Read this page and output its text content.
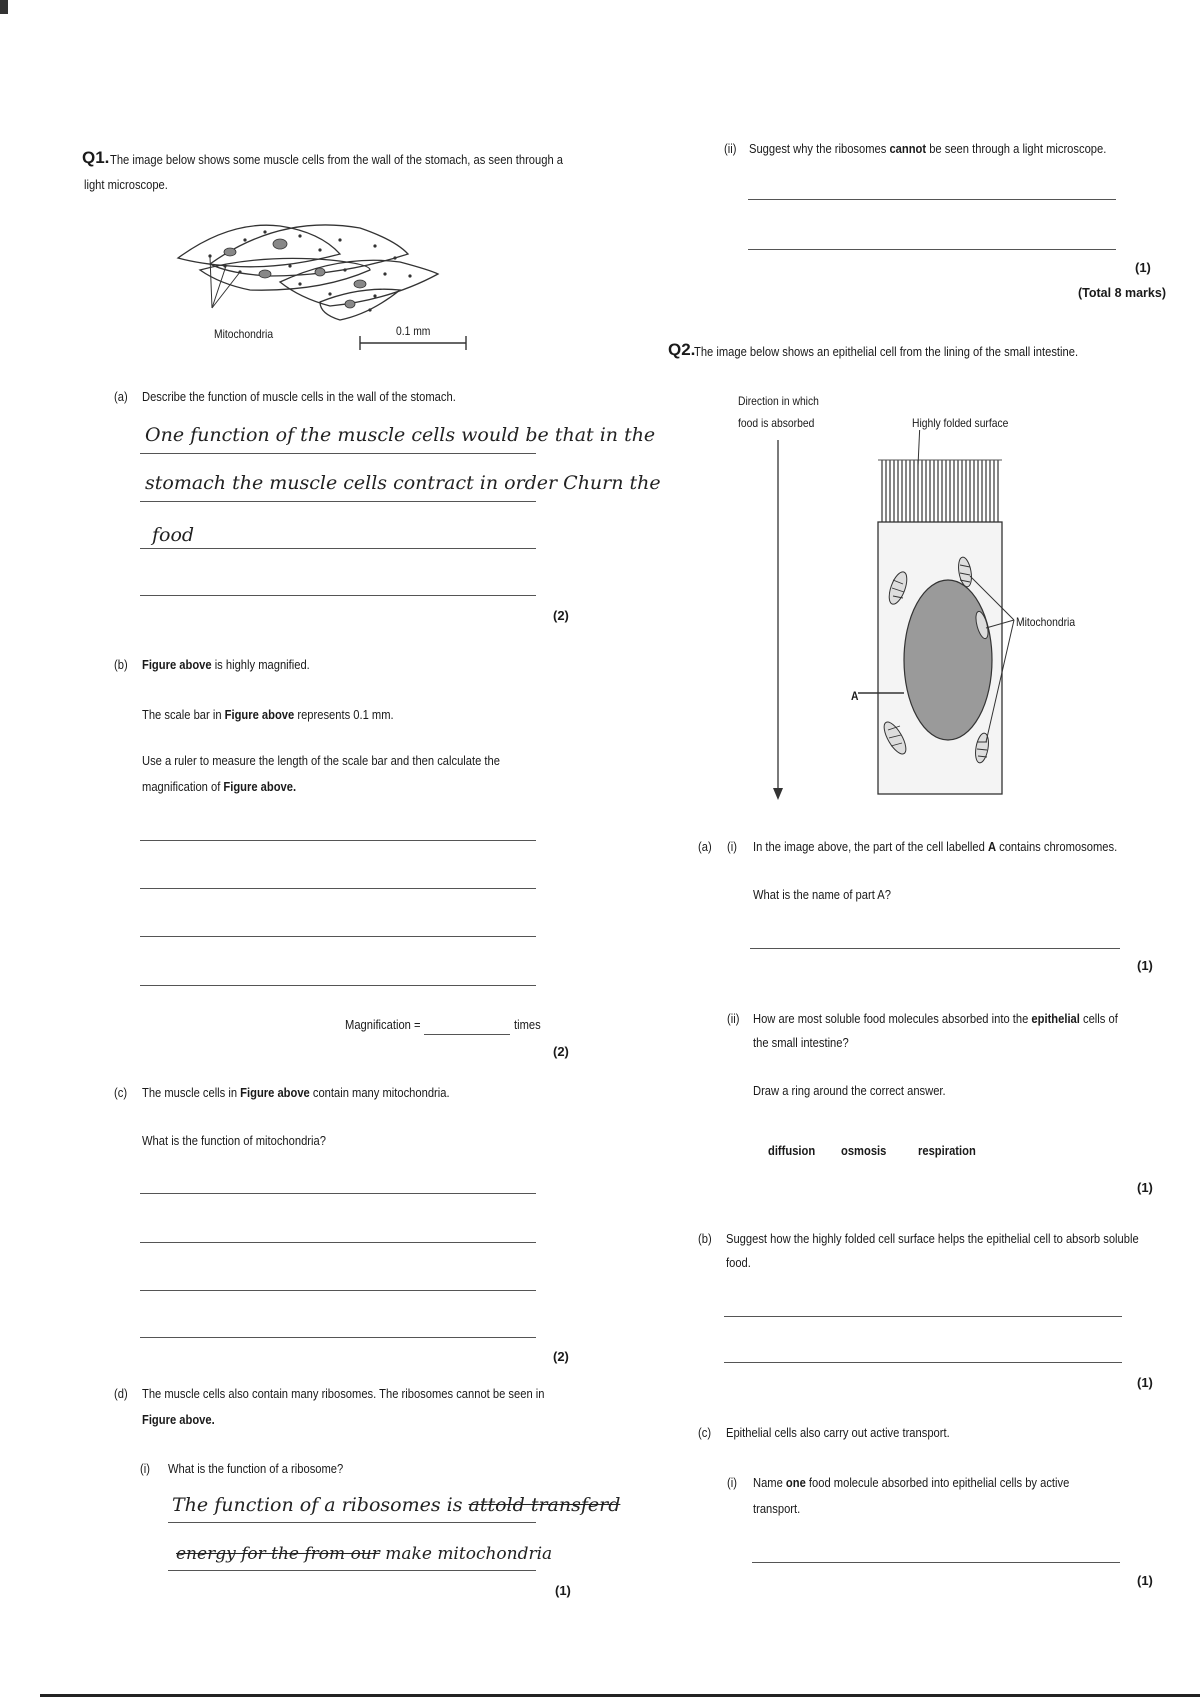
Q1. The image below shows some muscle cells from the wall of the stomach, as seen through a
light microscope.
Mitochondria	0.1 mm
(a) Describe the function of muscle cells in the wall of the stomach.
One function of the muscle cells would be that in the
stomach the muscle cells contract in order Churn the
food
(2)
(b) Figure above is highly magnified.
The scale bar in Figure above represents 0.1 mm.
Use a ruler to measure the length of the scale bar and then calculate the
magnification of Figure above.
Magnification =	times
(2)
(c) The muscle cells in Figure above contain many mitochondria.
What is the function of mitochondria?
(2)
(d) The muscle cells also contain many ribosomes. The ribosomes cannot be seen in
Figure above.
(i) What is the function of a ribosome?
The function of a ribosomes is attold transferd
energy for the from our make mitochondria
(1)
(ii) Suggest why the ribosomes cannot be seen through a light microscope.
(1)
(Total 8 marks)
Q2.
The image below shows an epithelial cell from the lining of the small intestine.
Direction in which
food is absorbed	Highly folded surface
Mitochondria
A
(a) (i) In the image above, the part of the cell labelled A contains chromosomes.
What is the name of part A?
(1)
(ii) How are most soluble food molecules absorbed into the epithelial cells of
the small intestine?
Draw a ring around the correct answer.
diffusion osmosis respiration
(1)
(b) Suggest how the highly folded cell surface helps the epithelial cell to absorb soluble
food.
(1)
(c) Epithelial cells also carry out active transport.
(i) Name one food molecule absorbed into epithelial cells by active
transport.
(1)
